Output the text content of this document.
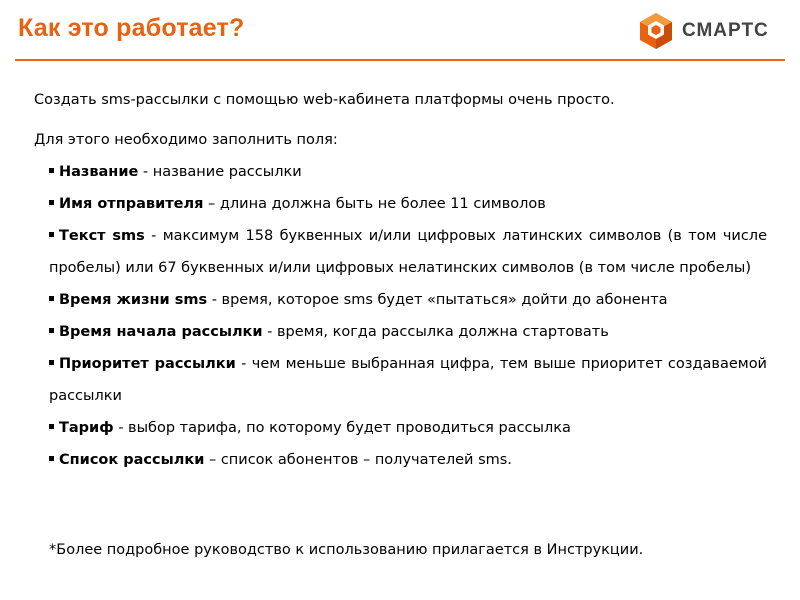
Как это работает?	СМАРТС

Создать sms-рассылки с помощью web-кабинета платформы очень просто.

Для этого необходимо заполнить поля:

Название - название рассылки
Имя отправителя – длина должна быть не более 11 символов
Текст sms - максимум 158 буквенных и/или цифровых латинских символов (в том числе пробелы) или 67 буквенных и/или цифровых нелатинских символов (в том числе пробелы)
Время жизни sms - время, которое sms будет «пытаться» дойти до абонента
Время начала рассылки - время, когда рассылка должна стартовать
Приоритет рассылки - чем меньше выбранная цифра, тем выше приоритет создаваемой рассылки
Тариф - выбор тарифа, по которому будет проводиться рассылка
Список рассылки – список абонентов – получателей sms.
*Более подробное руководство к использованию прилагается в Инструкции.
